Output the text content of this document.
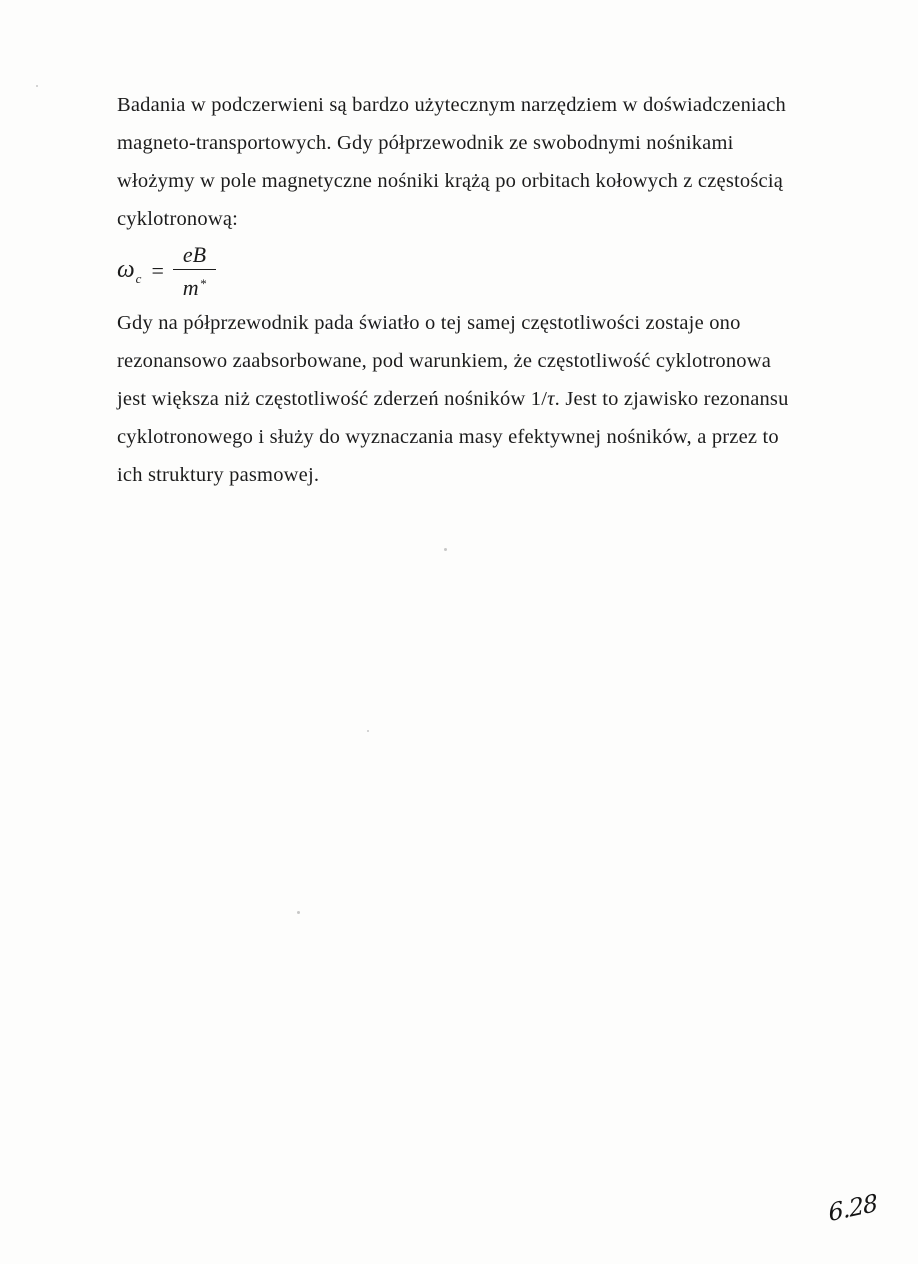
Badania w podczerwieni są bardzo użytecznym narzędziem w doświadczeniach
magneto-transportowych. Gdy półprzewodnik ze swobodnymi nośnikami
włożymy w pole magnetyczne nośniki krążą po orbitach kołowych z częstością
cyklotronową:
$\omega_c = \frac{eB}{m^*}$
Gdy na półprzewodnik pada światło o tej samej częstotliwości zostaje ono
rezonansowo zaabsorbowane, pod warunkiem, że częstotliwość cyklotronowa
jest większa niż częstotliwość zderzeń nośników 1/τ. Jest to zjawisko rezonansu
cyklotronowego i służy do wyznaczania masy efektywnej nośników, a przez to
ich struktury pasmowej.
6.28
